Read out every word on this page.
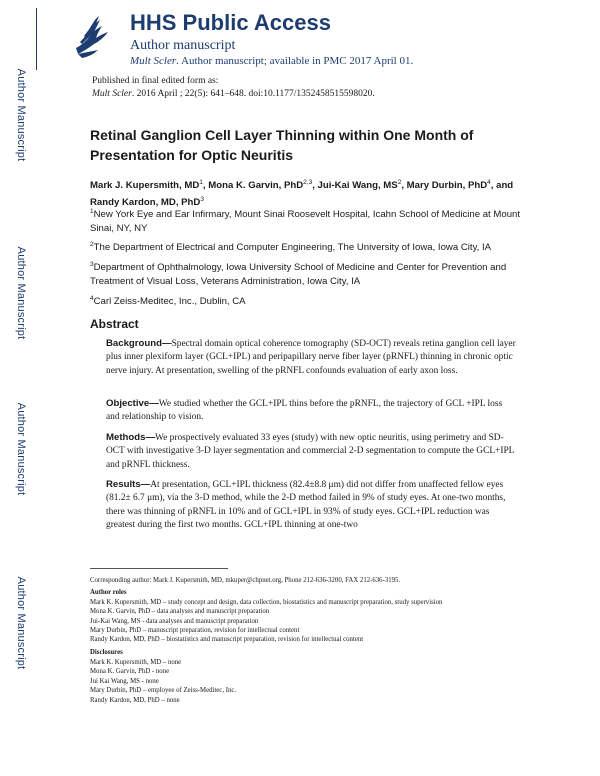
Author Manuscript
Author Manuscript
Author Manuscript
Author Manuscript
HHS Public Access
Author manuscript
Mult Scler. Author manuscript; available in PMC 2017 April 01.
Published in final edited form as:
Mult Scler. 2016 April ; 22(5): 641–648. doi:10.1177/1352458515598020.
Retinal Ganglion Cell Layer Thinning within One Month of Presentation for Optic Neuritis
Mark J. Kupersmith, $MD^1$, Mona K. Garvin, PhD$^{2,3}$, Jui-Kai Wang, $MS^2$, Mary Durbin, PhD$^4$, and Randy Kardon, MD, PhD$^3$
$^1$New York Eye and Ear Infirmary, Mount Sinai Roosevelt Hospital, Icahn School of Medicine at Mount Sinai, NY, NY
$^2$The Department of Electrical and Computer Engineering, The University of Iowa, Iowa City, IA
$^3$Department of Ophthalmology, Iowa University School of Medicine and Center for Prevention and Treatment of Visual Loss, Veterans Administration, Iowa City, IA
$^4$Carl Zeiss-Meditec, Inc., Dublin, CA
Abstract
Background—Spectral domain optical coherence tomography (SD-OCT) reveals retina ganglion cell layer plus inner plexiform layer (GCL+IPL) and peripapillary nerve fiber layer (pRNFL) thinning in chronic optic nerve injury. At presentation, swelling of the pRNFL confounds evaluation of early axon loss.
Objective—We studied whether the GCL+IPL thins before the pRNFL, the trajectory of GCL +IPL loss and relationship to vision.
Methods—We prospectively evaluated 33 eyes (study) with new optic neuritis, using perimetry and SD-OCT with investigative 3-D layer segmentation and commercial 2-D segmentation to compute the GCL+IPL and pRNFL thickness.
Results—At presentation, GCL+IPL thickness (82.4±8.8 μm) did not differ from unaffected fellow eyes (81.2± 6.7 μm), via the 3-D method, while the 2-D method failed in 9% of study eyes. At one-two months, there was thinning of pRNFL in 10% and of GCL+IPL in 93% of study eyes. GCL+IPL reduction was greatest during the first two months. GCL+IPL thinning at one-two
Corresponding author: Mark J. Kupersmith, MD, mkuper@chpnet.org, Phone 212-636-3200, FAX 212-636-3195.
Author roles
Mark K. Kupersmith, MD – study concept and design, data collection, biostatistics and manuscript preparation, study supervision
Mona K. Garvin, PhD – data analyses and manuscript preparation
Jui-Kai Wang, MS - data analyses and manuscript preparation
Mary Durbin, PhD – manuscript preparation, revision for intellectual content
Randy Kardon, MD, PhD – biostatistics and manuscript preparation, revision for intellectual content
Disclosures
Mark K. Kupersmith, MD – none
Mona K. Garvin, PhD - none
Jui Kai Wang, MS - none
Mary Durbin, PhD – employee of Zeiss-Meditec, Inc.
Randy Kardon, MD, PhD – none
